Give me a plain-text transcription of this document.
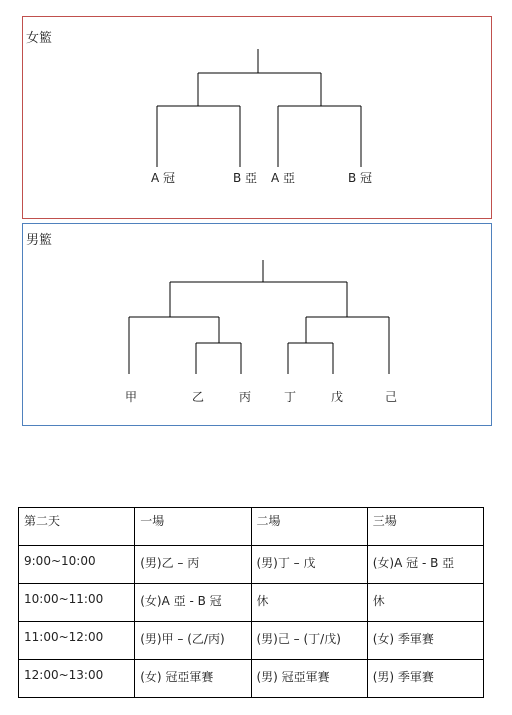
女籃
A 冠	B 亞 A 亞	B 冠
男籃
甲	乙	丙	丁	戊	己
第二天	一場	二場	三場

9:00~10:00	(男)乙 – 丙	(男)丁 – 戊	(女)A 冠 - B 亞

10:00~11:00	(女)A 亞 - B 冠	休	休

11:00~12:00	(男)甲 – (乙/丙)	(男)己 – (丁/戊)	(女) 季軍賽

12:00~13:00	(女) 冠亞軍賽	(男) 冠亞軍賽	(男) 季軍賽
